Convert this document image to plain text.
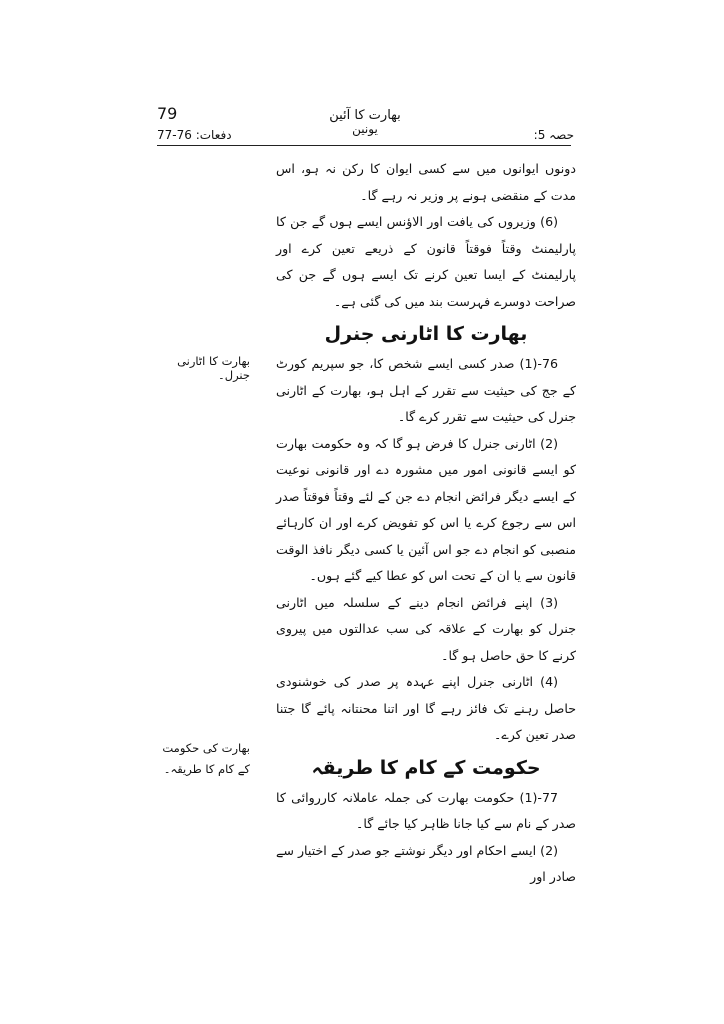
79	بھارت کا آئین
یونین
دفعات: 76-77	حصہ 5:

دونوں ایوانوں میں سے کسی ایوان کا رکن نہ ہو، اس مدت کے منقضی ہونے پر وزیر نہ رہے گا۔

(6) وزیروں کی یافت اور الاؤنس ایسے ہوں گے جن کا پارلیمنٹ وقتاً فوقتاً قانون کے ذریعے تعین کرے اور پارلیمنٹ کے ایسا تعین کرنے تک ایسے ہوں گے جن کی صراحت دوسرے فہرست بند میں کی گئی ہے۔

بھارت کا اٹارنی جنرل

76-(1) صدر کسی ایسے شخص کا، جو سپریم کورٹ کے جج کی حیثیت سے تقرر کے اہل ہو، بھارت کے اٹارنی جنرل کی حیثیت سے تقرر کرے گا۔

(2) اٹارنی جنرل کا فرض ہو گا کہ وہ حکومت بھارت کو ایسے قانونی امور میں مشورہ دے اور قانونی نوعیت کے ایسے دیگر فرائض انجام دے جن کے لئے وقتاً فوقتاً صدر اس سے رجوع کرے یا اس کو تفویض کرے اور ان کارہائے منصبی کو انجام دے جو اس آئین یا کسی دیگر نافذ الوقت قانون سے یا ان کے تحت اس کو عطا کیے گئے ہوں۔

(3) اپنے فرائض انجام دینے کے سلسلہ میں اٹارنی جنرل کو بھارت کے علاقہ کی سب عدالتوں میں پیروی کرنے کا حق حاصل ہو گا۔

(4) اٹارنی جنرل اپنے عہدہ پر صدر کی خوشنودی حاصل رہنے تک فائز رہے گا اور اتنا محنتانہ پائے گا جتنا صدر تعین کرے۔

حکومت کے کام کا طریقہ

77-(1) حکومت بھارت کی جملہ عاملانہ کارروائی کا صدر کے نام سے کیا جانا ظاہر کیا جائے گا۔

(2) ایسے احکام اور دیگر نوشتے جو صدر کے اختیار سے صادر اور

بھارت کا اٹارنی جنرل۔
بھارت کی حکومت
کے کام کا طریقہ۔
